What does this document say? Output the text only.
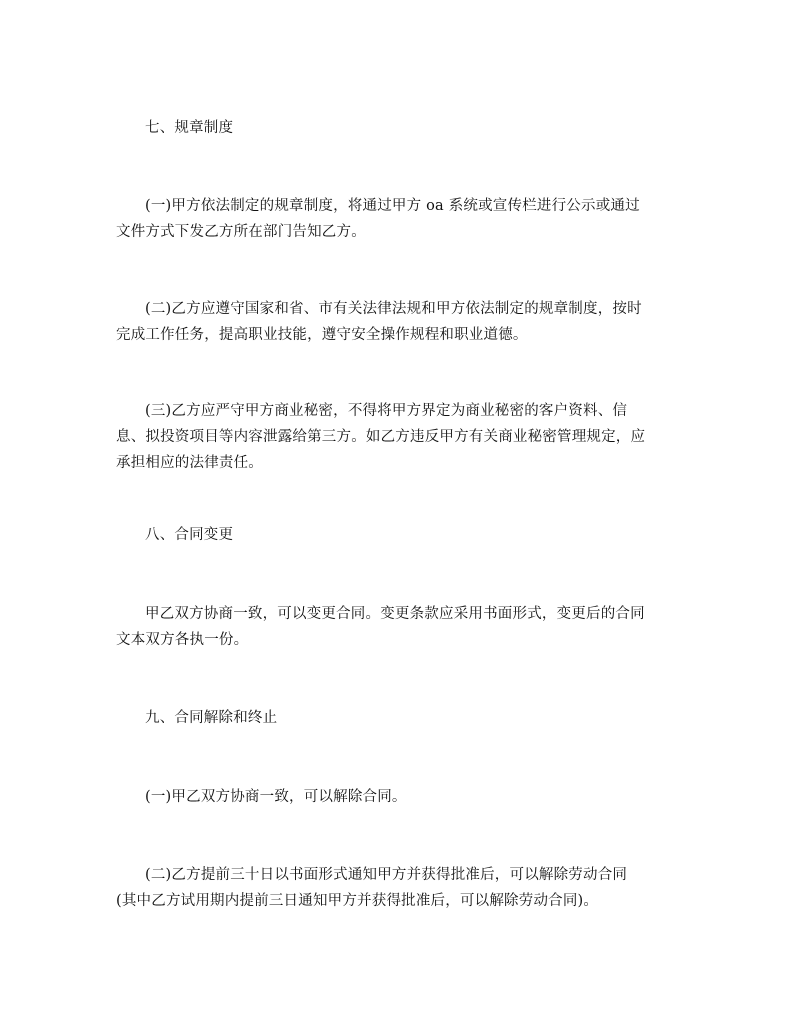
七、规章制度
(一)甲方依法制定的规章制度，将通过甲方 oa 系统或宣传栏进行公示或通过
文件方式下发乙方所在部门告知乙方。
(二)乙方应遵守国家和省、市有关法律法规和甲方依法制定的规章制度，按时
完成工作任务，提高职业技能，遵守安全操作规程和职业道德。
(三)乙方应严守甲方商业秘密，不得将甲方界定为商业秘密的客户资料、信
息、拟投资项目等内容泄露给第三方。如乙方违反甲方有关商业秘密管理规定，应
承担相应的法律责任。
八、合同变更
甲乙双方协商一致，可以变更合同。变更条款应采用书面形式，变更后的合同
文本双方各执一份。
九、合同解除和终止
(一)甲乙双方协商一致，可以解除合同。
(二)乙方提前三十日以书面形式通知甲方并获得批准后，可以解除劳动合同
(其中乙方试用期内提前三日通知甲方并获得批准后，可以解除劳动合同)。
